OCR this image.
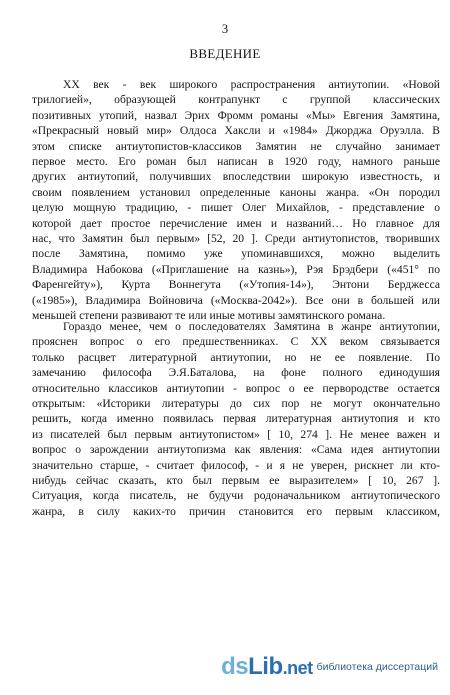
3
ВВЕДЕНИЕ
XX век - век широкого распространения антиутопии. «Новой
трилогией», образующей контрапункт с группой классических
позитивных утопий, назвал Эрих Фромм романы «Мы» Евгения Замятина,
«Прекрасный новый мир» Олдоса Хаксли и «1984» Джорджа Оруэлла. В
этом списке антиутопистов-классиков Замятин не случайно занимает
первое место. Его роман был написан в 1920 году, намного раньше
других антиутопий, получивших впоследствии широкую известность, и
своим появлением установил определенные каноны жанра. «Он породил
целую мощную традицию, - пишет Олег Михайлов, - представление о
которой дает простое перечисление имен и названий… Но главное для
нас, что Замятин был первым» [52, 20 ]. Среди антиутопистов, творивших
после Замятина, помимо уже упоминавшихся, можно выделить
Владимира Набокова («Приглашение на казнь»), Рэя Брэдбери («451° по
Фаренгейту»), Курта Воннегута («Утопия-14»), Энтони Берджесса
(«1985»), Владимира Войновича («Москва-2042»). Все они в большей или
меньшей степени развивают те или иные мотивы замятинского романа.
Гораздо менее, чем о последователях Замятина в жанре антиутопии,
прояснен вопрос о его предшественниках. С XX веком связывается
только расцвет литературной антиутопии, но не ее появление. По
замечанию философа Э.Я.Баталова, на фоне полного единодушия
относительно классиков антиутопии - вопрос о ее первородстве остается
открытым: «Историки литературы до сих пор не могут окончательно
решить, когда именно появилась первая литературная антиутопия и кто
из писателей был первым антиутопистом» [ 10, 274 ]. Не менее важен и
вопрос о зарождении антиутопизма как явления: «Сама идея антиутопии
значительно старше, - считает философ, - и я не уверен, рискнет ли кто-
нибудь сейчас сказать, кто был первым ее выразителем» [ 10, 267 ].
Ситуация, когда писатель, не будучи родоначальником антиутопического
жанра, в силу каких-то причин становится его первым классиком,
dsLib.net библиотека диссертаций
